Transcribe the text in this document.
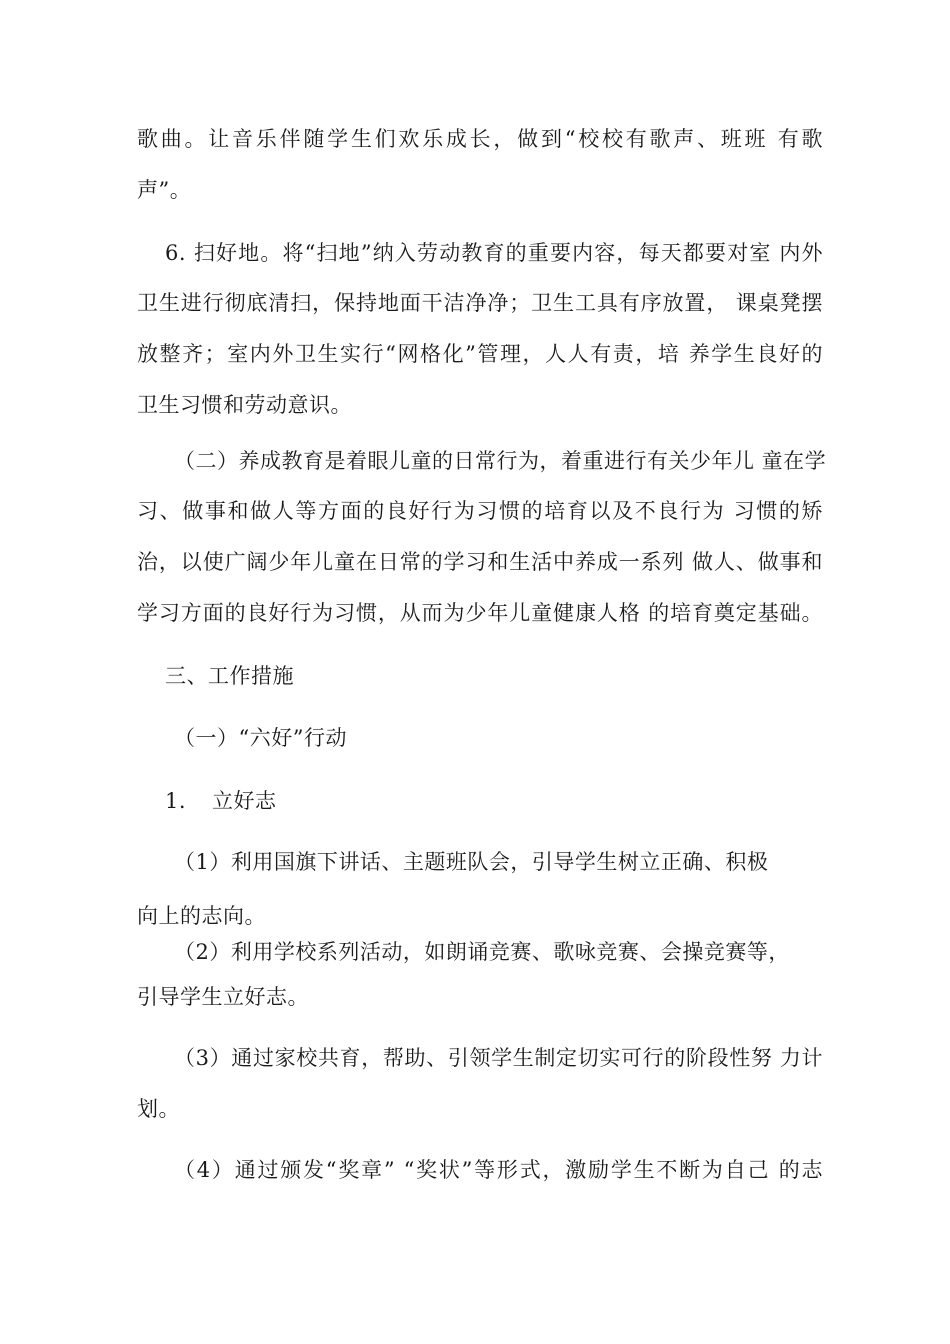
歌曲。让音乐伴随学生们欢乐成长，做到“校校有歌声、班班 有歌
声”。
6. 扫好地。将“扫地”纳入劳动教育的重要内容，每天都要对室 内外
卫生进行彻底清扫，保持地面干洁净净；卫生工具有序放置， 课桌凳摆
放整齐；室内外卫生实行“网格化”管理，人人有责，培 养学生良好的
卫生习惯和劳动意识。
（二）养成教育是着眼儿童的日常行为，着重进行有关少年儿 童在学
习、做事和做人等方面的良好行为习惯的培育以及不良行为 习惯的矫
治，以使广阔少年儿童在日常的学习和生活中养成一系列 做人、做事和
学习方面的良好行为习惯，从而为少年儿童健康人格 的培育奠定基础。
三、工作措施
（一）“六好”行动
1. 立好志
（1）利用国旗下讲话、主题班队会，引导学生树立正确、积极
向上的志向。
（2）利用学校系列活动，如朗诵竞赛、歌咏竞赛、会操竞赛等，
引导学生立好志。
（3）通过家校共育，帮助、引领学生制定切实可行的阶段性努 力计
划。
（4）通过颁发“奖章” “奖状”等形式，激励学生不断为自己 的志
